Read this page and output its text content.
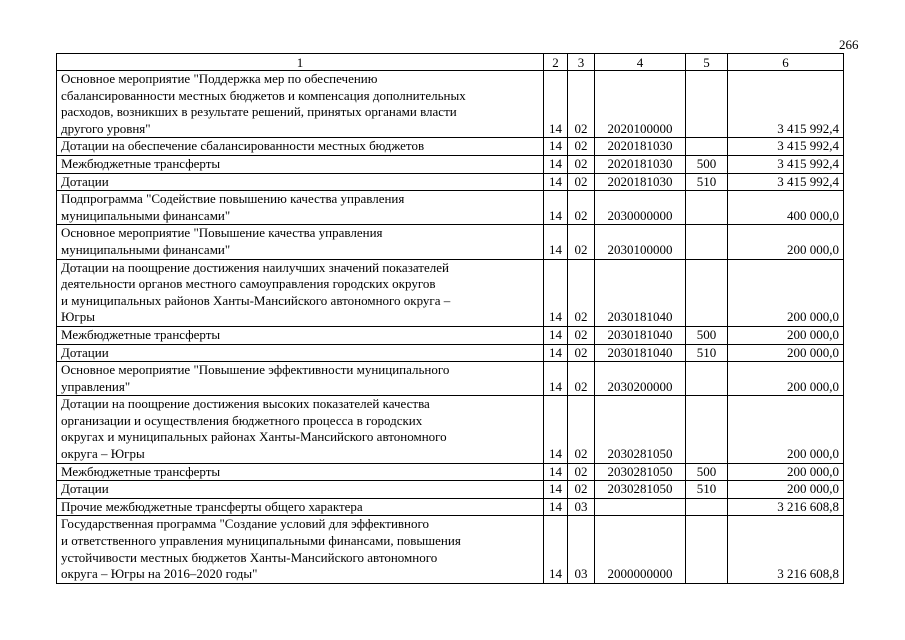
266
1	2	3	4	5	6

Основное мероприятие "Поддержка мер по обеспечению
сбалансированности местных бюджетов и компенсация дополнительных
расходов, возникших в результате решений, принятых органами власти
другого уровня"	14	02	2020100000		3 415 992,4

Дотации на обеспечение сбалансированности местных бюджетов	14	02	2020181030		3 415 992,4

Межбюджетные трансферты	14	02	2020181030	500	3 415 992,4

Дотации	14	02	2020181030	510	3 415 992,4

Подпрограмма "Содействие повышению качества управления
муниципальными финансами"	14	02	2030000000		400 000,0

Основное мероприятие "Повышение качества управления
муниципальными финансами"	14	02	2030100000		200 000,0

Дотации на поощрение достижения наилучших значений показателей
деятельности органов местного самоуправления городских округов
и муниципальных районов Ханты-Мансийского автономного округа –
Югры	14	02	2030181040		200 000,0

Межбюджетные трансферты	14	02	2030181040	500	200 000,0

Дотации	14	02	2030181040	510	200 000,0

Основное мероприятие "Повышение эффективности муниципального
управления"	14	02	2030200000		200 000,0

Дотации на поощрение достижения высоких показателей качества
организации и осуществления бюджетного процесса в городских
округах и муниципальных районах Ханты-Мансийского автономного
округа – Югры	14	02	2030281050		200 000,0

Межбюджетные трансферты	14	02	2030281050	500	200 000,0

Дотации	14	02	2030281050	510	200 000,0

Прочие межбюджетные трансферты общего характера	14	03			3 216 608,8

Государственная программа "Создание условий для эффективного
и ответственного управления муниципальными финансами, повышения
устойчивости местных бюджетов Ханты-Мансийского автономного
округа – Югры на 2016–2020 годы"	14	03	2000000000		3 216 608,8
